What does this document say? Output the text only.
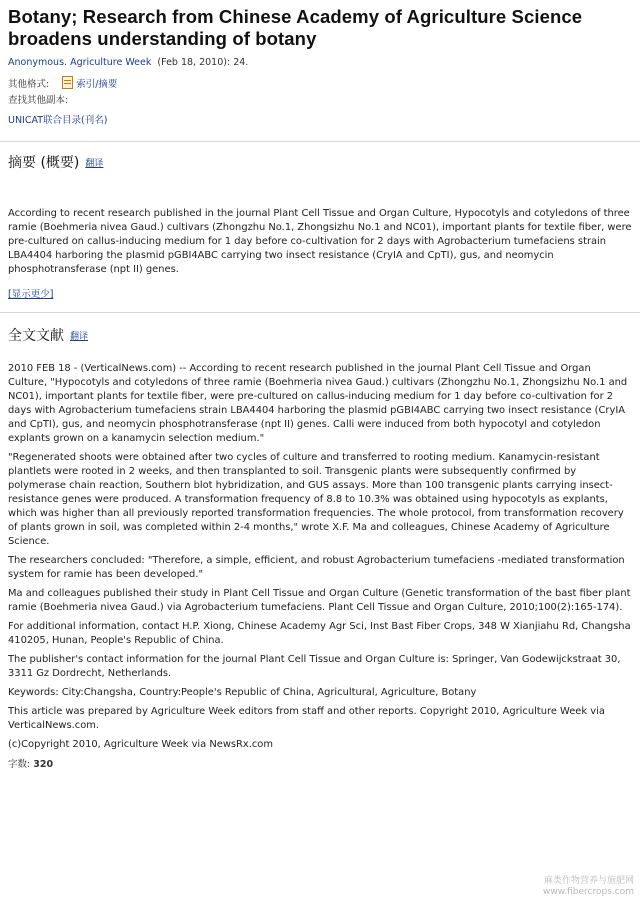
Botany; Research from Chinese Academy of Agriculture Science broadens understanding of botany
Anonymous. Agriculture Week (Feb 18, 2010): 24.
其他格式:	索引/摘要
查找其他副本:
UNICAT联合目录(刊名)
摘要 (概要) 翻译

According to recent research published in the journal Plant Cell Tissue and Organ Culture, Hypocotyls and cotyledons of three ramie (Boehmeria nivea Gaud.) cultivars (Zhongzhu No.1, Zhongsizhu No.1 and NC01), important plants for textile fiber, were pre-cultured on callus-inducing medium for 1 day before co-cultivation for 2 days with Agrobacterium tumefaciens strain LBA4404 harboring the plasmid pGBI4ABC carrying two insect resistance (CryIA and CpTI), gus, and neomycin phosphotransferase (npt II) genes.

[显示更少]
全文文献 翻译

2010 FEB 18 - (VerticalNews.com) -- According to recent research published in the journal Plant Cell Tissue and Organ Culture, "Hypocotyls and cotyledons of three ramie (Boehmeria nivea Gaud.) cultivars (Zhongzhu No.1, Zhongsizhu No.1 and NC01), important plants for textile fiber, were pre-cultured on callus-inducing medium for 1 day before co-cultivation for 2 days with Agrobacterium tumefaciens strain LBA4404 harboring the plasmid pGBI4ABC carrying two insect resistance (CryIA and CpTI), gus, and neomycin phosphotransferase (npt II) genes. Calli were induced from both hypocotyl and cotyledon explants grown on a kanamycin selection medium."

"Regenerated shoots were obtained after two cycles of culture and transferred to rooting medium. Kanamycin-resistant plantlets were rooted in 2 weeks, and then transplanted to soil. Transgenic plants were subsequently confirmed by polymerase chain reaction, Southern blot hybridization, and GUS assays. More than 100 transgenic plants carrying insect-resistance genes were produced. A transformation frequency of 8.8 to 10.3% was obtained using hypocotyls as explants, which was higher than all previously reported transformation frequencies. The whole protocol, from transformation recovery of plants grown in soil, was completed within 2-4 months," wrote X.F. Ma and colleagues, Chinese Academy of Agriculture Science.

The researchers concluded: "Therefore, a simple, efficient, and robust Agrobacterium tumefaciens -mediated transformation system for ramie has been developed."

Ma and colleagues published their study in Plant Cell Tissue and Organ Culture (Genetic transformation of the bast fiber plant ramie (Boehmeria nivea Gaud.) via Agrobacterium tumefaciens. Plant Cell Tissue and Organ Culture, 2010;100(2):165-174).

For additional information, contact H.P. Xiong, Chinese Academy Agr Sci, Inst Bast Fiber Crops, 348 W Xianjiahu Rd, Changsha 410205, Hunan, People's Republic of China.

The publisher's contact information for the journal Plant Cell Tissue and Organ Culture is: Springer, Van Godewijckstraat 30, 3311 Gz Dordrecht, Netherlands.

Keywords: City:Changsha, Country:People's Republic of China, Agricultural, Agriculture, Botany

This article was prepared by Agriculture Week editors from staff and other reports. Copyright 2010, Agriculture Week via VerticalNews.com.

(c)Copyright 2010, Agriculture Week via NewsRx.com

字数: 320
麻类作物营养与施肥网
www.fibercrops.com
